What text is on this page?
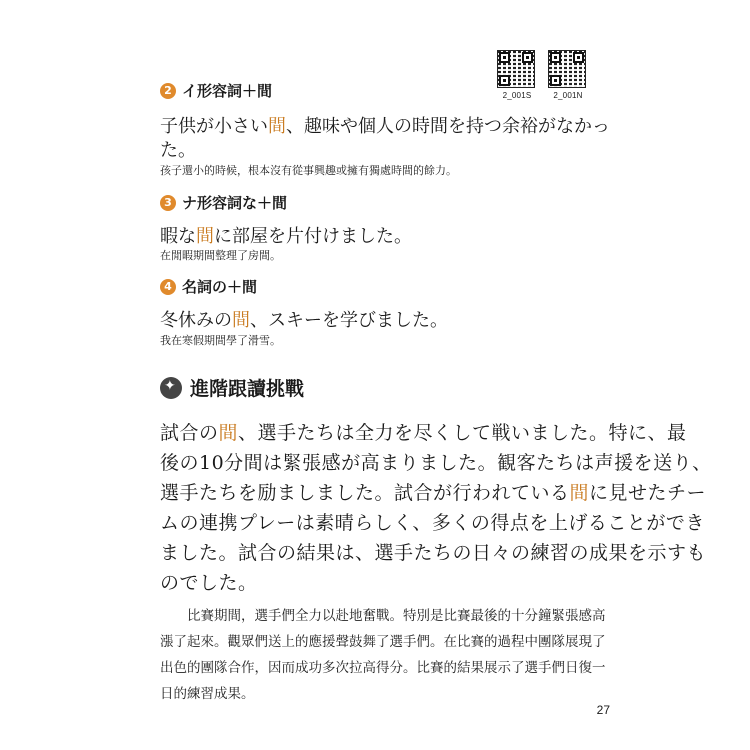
2_001S	2_001N
2 イ形容詞＋間
子供が小さい間、趣味や個人の時間を持つ余裕がなかっ
た。
孩子還小的時候，根本沒有從事興趣或擁有獨處時間的餘力。
3 ナ形容詞な＋間
暇な間に部屋を片付けました。
在閒暇期間整理了房間。
4 名詞の＋間
冬休みの間、スキーを学びました。
我在寒假期間學了滑雪。
✦
進階跟讀挑戰
試合の間、選手たちは全力を尽くして戦いました。特に、最
後の10分間は緊張感が高まりました。観客たちは声援を送り、
選手たちを励ましました。試合が行われている間に見せたチー
ムの連携プレーは素晴らしく、多くの得点を上げることができ
ました。試合の結果は、選手たちの日々の練習の成果を示すも
のでした。
　　比賽期間，選手們全力以赴地奮戰。特別是比賽最後的十分鐘緊張感高
漲了起來。觀眾們送上的應援聲鼓舞了選手們。在比賽的過程中團隊展現了
出色的團隊合作，因而成功多次拉高得分。比賽的結果展示了選手們日復一
日的練習成果。
27
